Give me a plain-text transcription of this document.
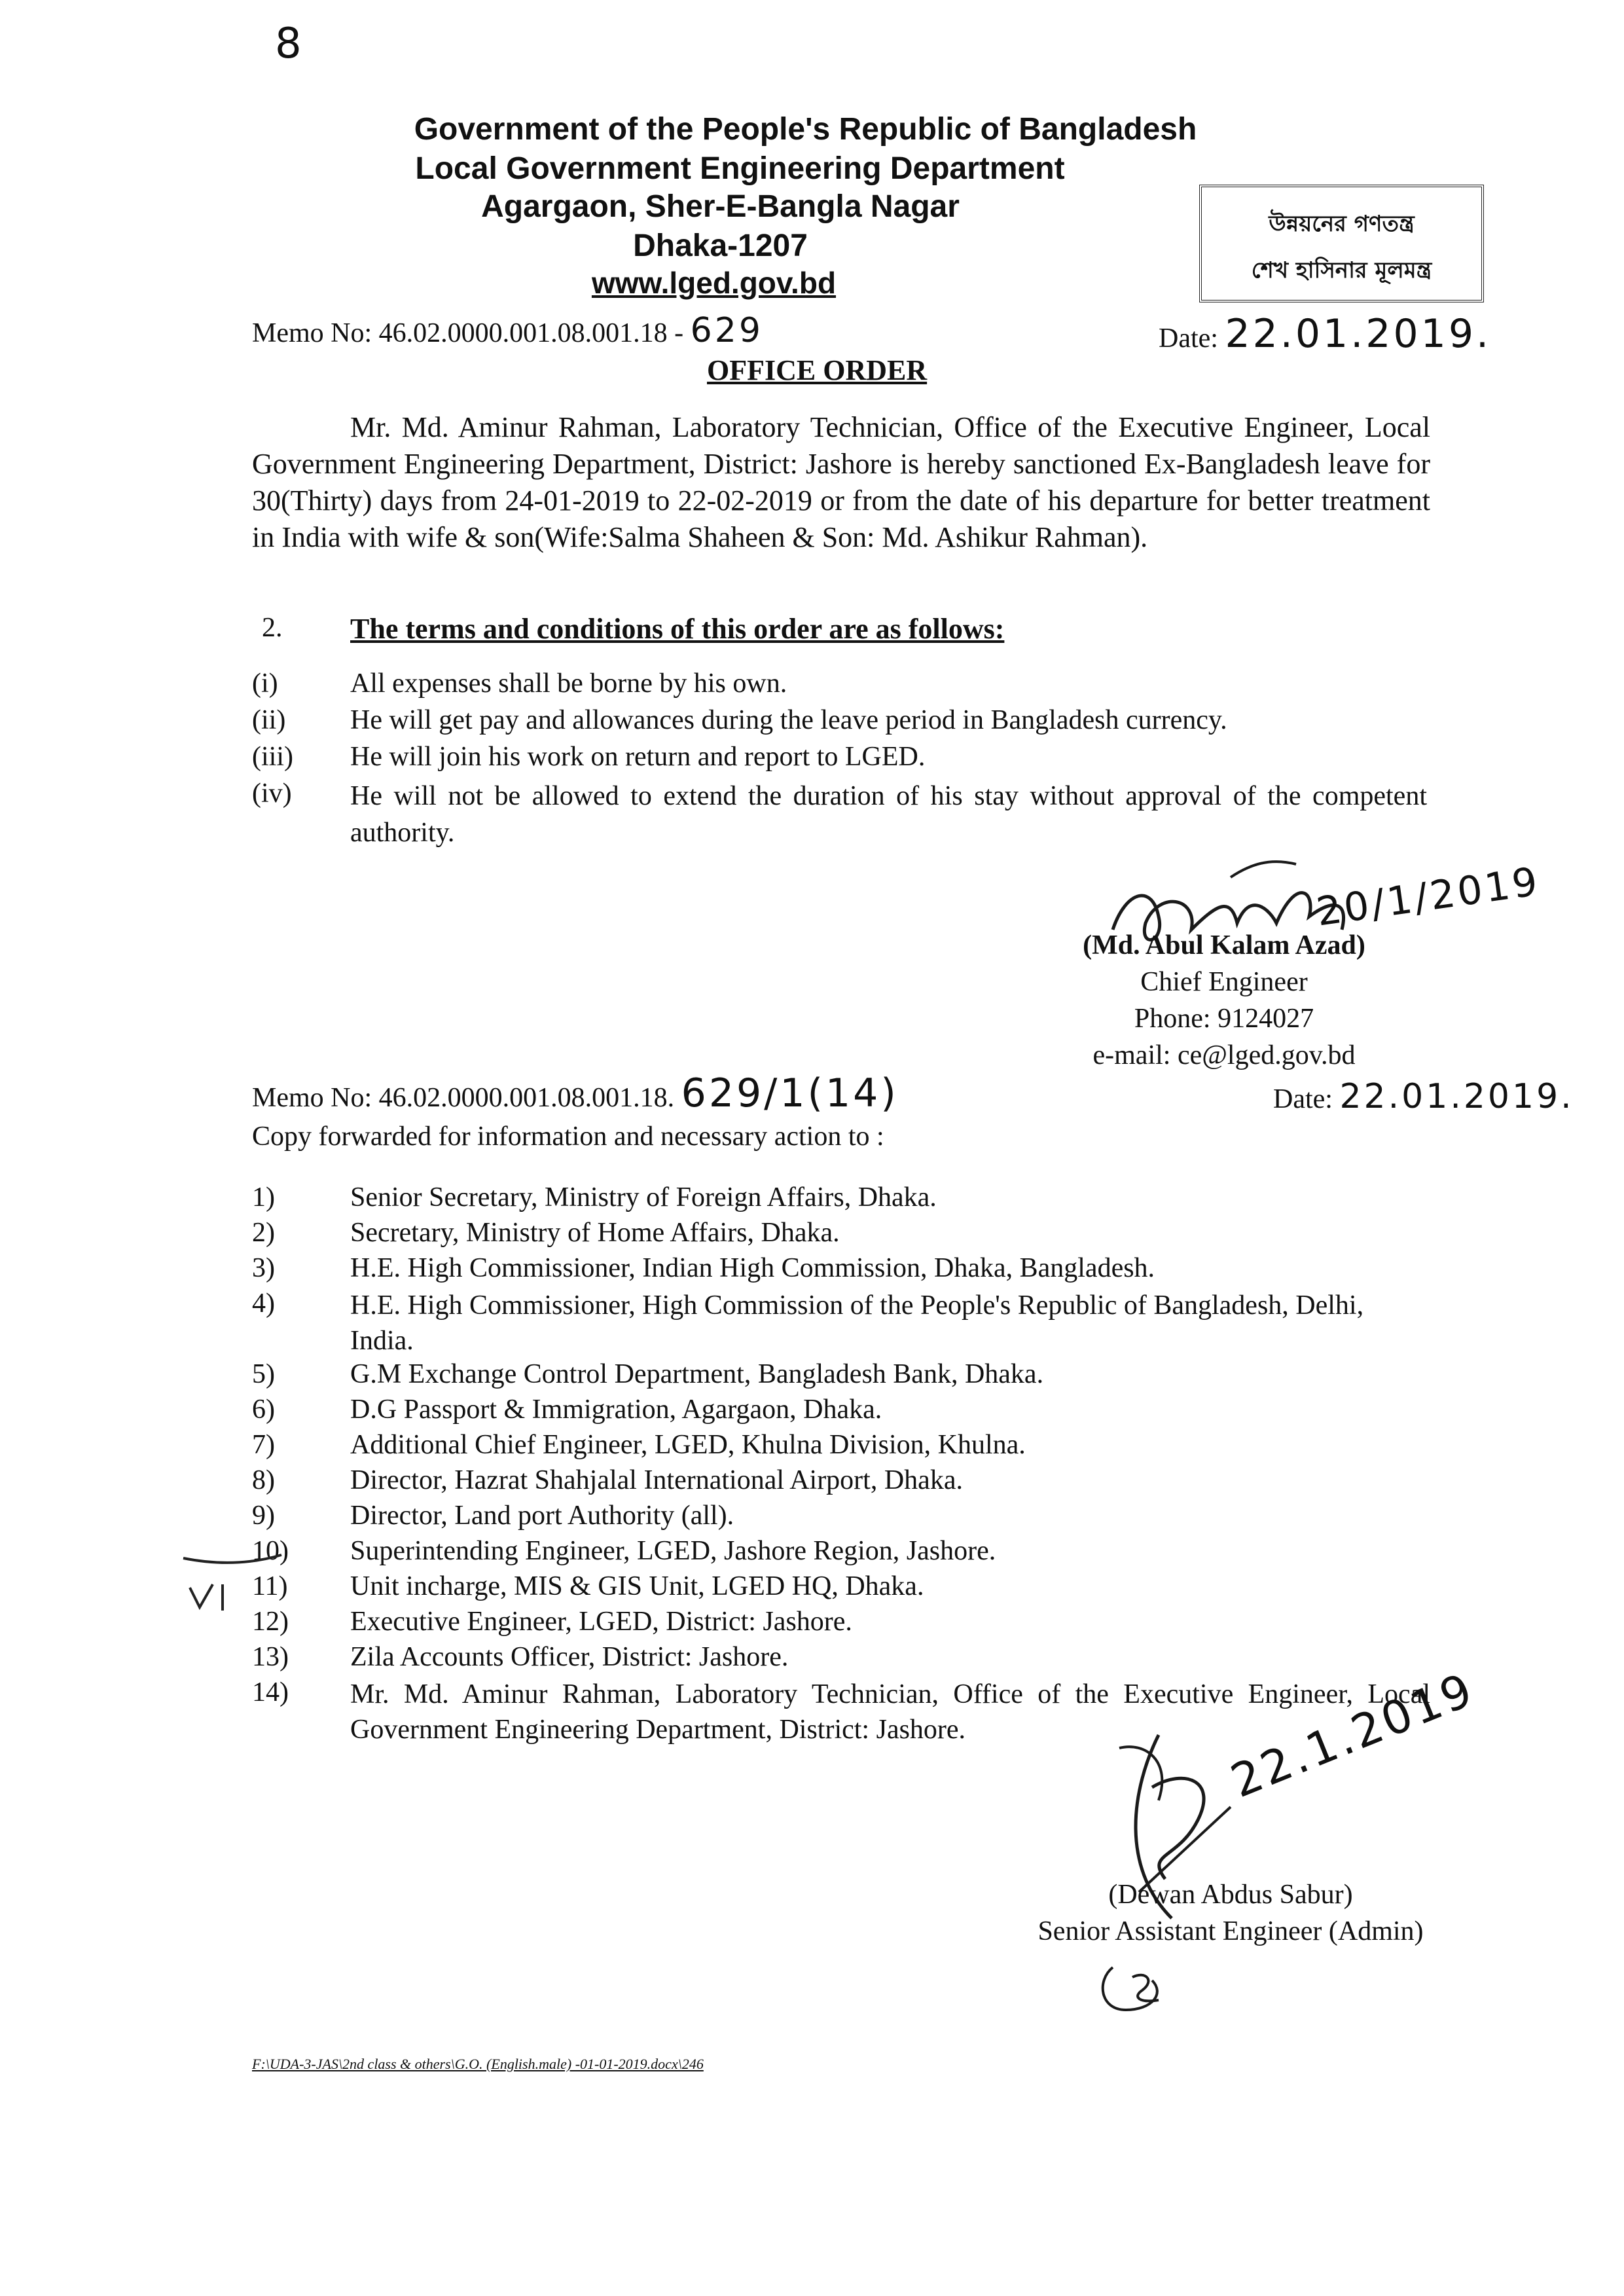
8
Government of the People's Republic of Bangladesh
Local Government Engineering Department
Agargaon, Sher-E-Bangla Nagar
Dhaka-1207
www.lged.gov.bd
উন্নয়নের গণতন্ত্র
শেখ হাসিনার মূলমন্ত্র
Memo No: 46.02.0000.001.08.001.18 - 629	Date: 22.01.2019.
OFFICE ORDER
Mr. Md. Aminur Rahman, Laboratory Technician, Office of the Executive Engineer, Local Government Engineering Department, District: Jashore is hereby sanctioned Ex-Bangladesh leave for 30(Thirty) days from 24-01-2019 to 22-02-2019 or from the date of his departure for better treatment in India with wife & son(Wife:Salma Shaheen & Son: Md. Ashikur Rahman).
2. The terms and conditions of this order are as follows:
(i)	All expenses shall be borne by his own.
(ii) He will get pay and allowances during the leave period in Bangladesh currency.
(iii) He will join his work on return and report to LGED.
(iv) He will not be allowed to extend the duration of his stay without approval of the competent authority.
20/1/2019
(Md. Abul Kalam Azad)
Chief Engineer
Phone: 9124027
e-mail: ce@lged.gov.bd
Memo No: 46.02.0000.001.08.001.18. 629/1(14)	Date: 22.01.2019.
Copy forwarded for information and necessary action to :
1)	Senior Secretary, Ministry of Foreign Affairs, Dhaka.
2)	Secretary, Ministry of Home Affairs, Dhaka.
3)	H.E. High Commissioner, Indian High Commission, Dhaka, Bangladesh.
4)	H.E. High Commissioner, High Commission of the People's Republic of Bangladesh, Delhi, India.
5)	G.M Exchange Control Department, Bangladesh Bank, Dhaka.
6)	D.G Passport & Immigration, Agargaon, Dhaka.
7)	Additional Chief Engineer, LGED, Khulna Division, Khulna.
8)	Director, Hazrat Shahjalal International Airport, Dhaka.
9)	Director, Land port Authority (all).
10) Superintending Engineer, LGED, Jashore Region, Jashore.
11) Unit incharge, MIS & GIS Unit, LGED HQ, Dhaka.
12) Executive Engineer, LGED, District: Jashore.
13) Zila Accounts Officer, District: Jashore.
14) Mr. Md. Aminur Rahman, Laboratory Technician, Office of the Executive Engineer, Local Government Engineering Department, District: Jashore.	22.1.2019
(Dewan Abdus Sabur)
Senior Assistant Engineer (Admin)
F:\UDA-3-JAS\2nd class & others\G.O. (English.male) -01-01-2019.docx\246
